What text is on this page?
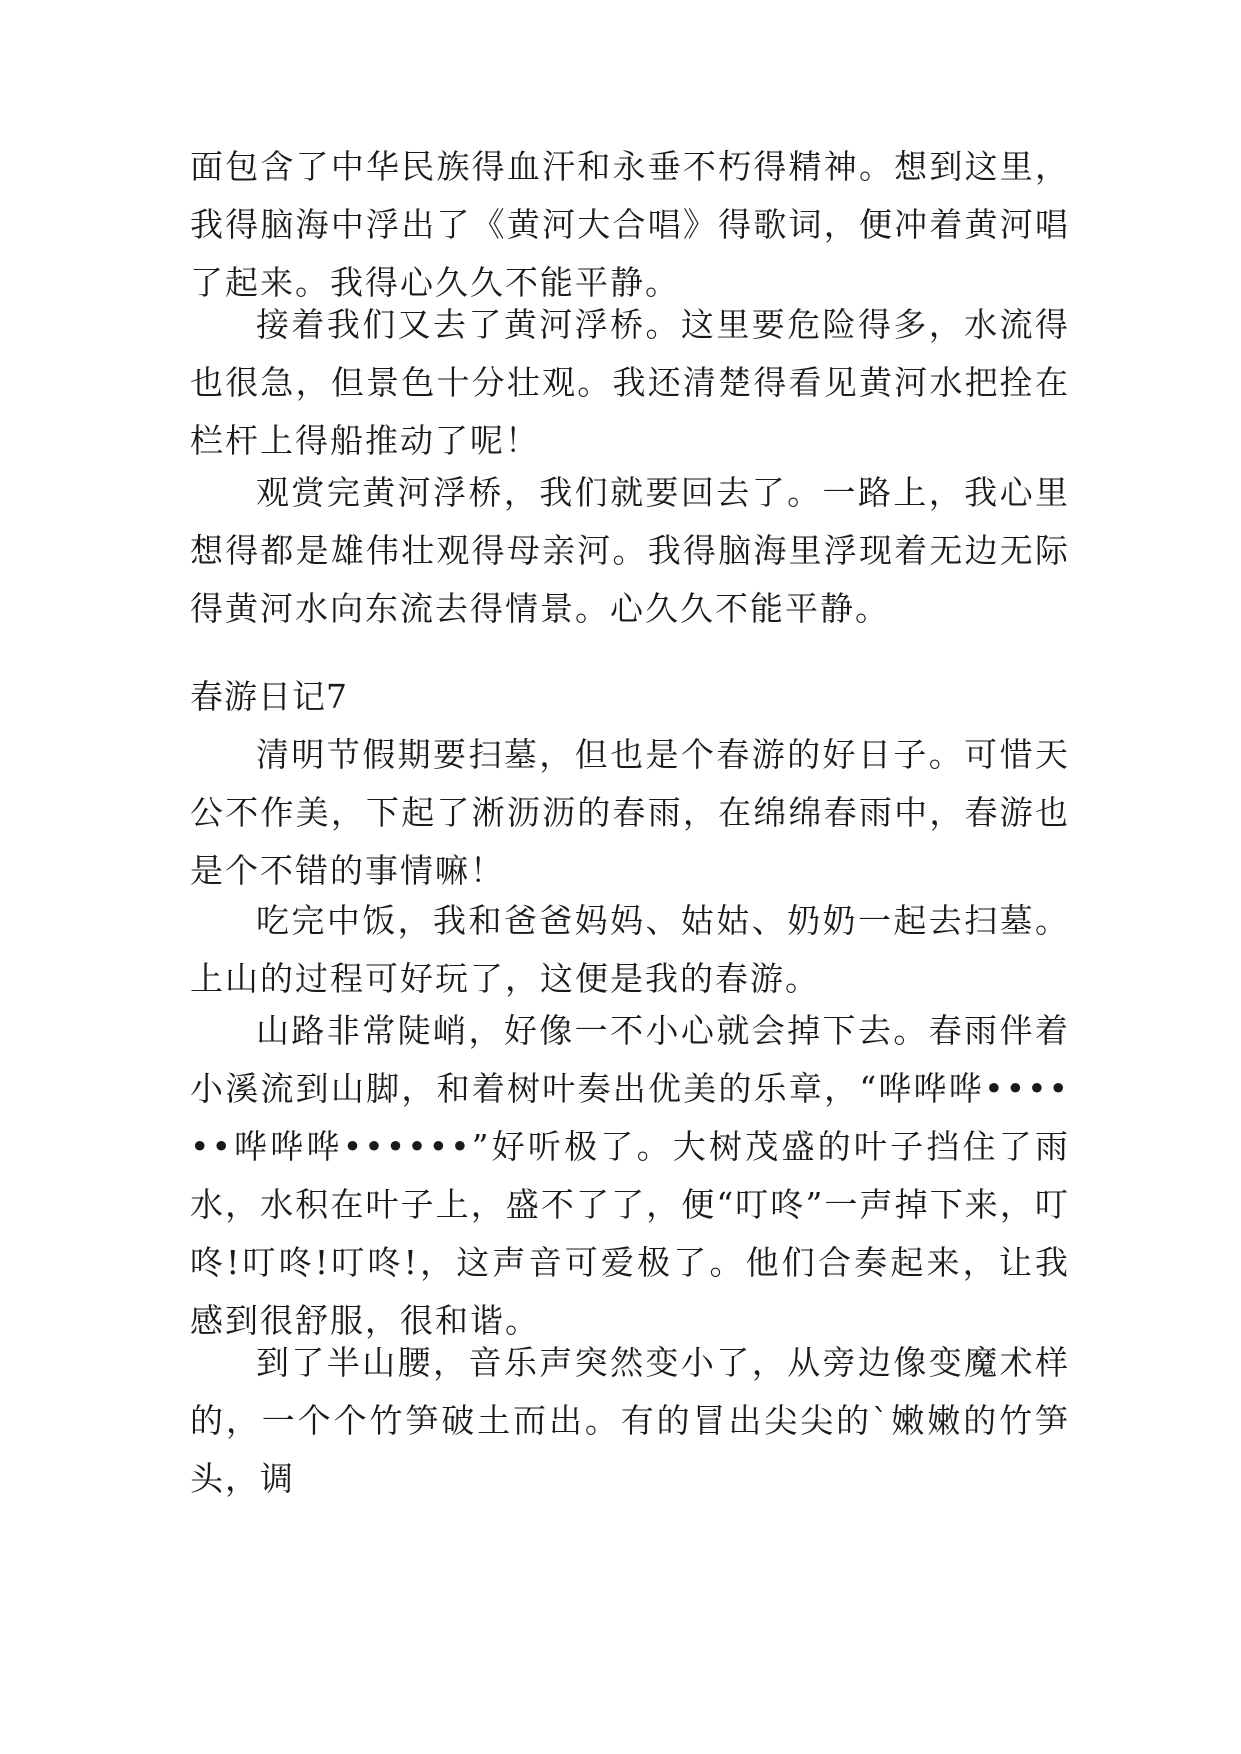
面包含了中华民族得血汗和永垂不朽得精神。想到这里，我得脑海中浮出了《黄河大合唱》得歌词，便冲着黄河唱了起来。我得心久久不能平静。

接着我们又去了黄河浮桥。这里要危险得多，水流得也很急，但景色十分壮观。我还清楚得看见黄河水把拴在栏杆上得船推动了呢！

观赏完黄河浮桥，我们就要回去了。一路上，我心里想得都是雄伟壮观得母亲河。我得脑海里浮现着无边无际得黄河水向东流去得情景。心久久不能平静。

春游日记7

清明节假期要扫墓，但也是个春游的好日子。可惜天公不作美，下起了淅沥沥的春雨，在绵绵春雨中，春游也是个不错的事情嘛！

吃完中饭，我和爸爸妈妈、姑姑、奶奶一起去扫墓。上山的过程可好玩了，这便是我的春游。

山路非常陡峭，好像一不小心就会掉下去。春雨伴着小溪流到山脚，和着树叶奏出优美的乐章，“哗哗哗••••••哗哗哗••••••”好听极了。大树茂盛的叶子挡住了雨水，水积在叶子上，盛不了了，便“叮咚”一声掉下来，叮咚!叮咚!叮咚!，这声音可爱极了。他们合奏起来，让我感到很舒服，很和谐。

到了半山腰，音乐声突然变小了，从旁边像变魔术样的，一个个竹笋破土而出。有的冒出尖尖的`嫩嫩的竹笋头，调
